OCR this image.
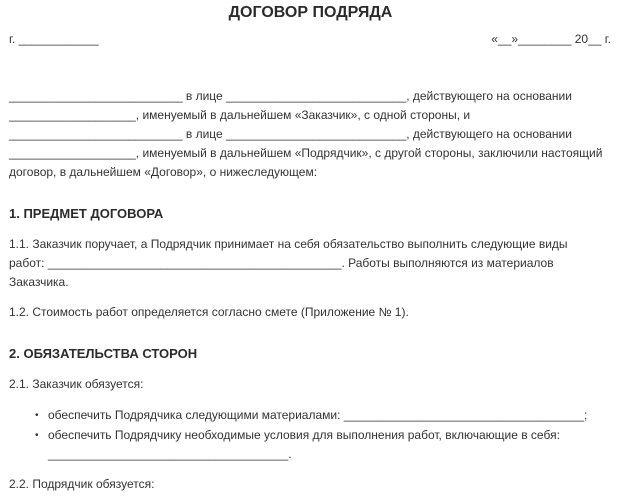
ДОГОВОР ПОДРЯДА
г. ____________	«__»________ 20__ г.
__________________________ в лице ___________________________, действующего на основании
___________________, именуемый в дальнейшем «Заказчик», с одной стороны, и
__________________________ в лице ___________________________, действующего на основании
___________________, именуемый в дальнейшем «Подрядчик», с другой стороны, заключили настоящий
договор, в дальнейшем «Договор», о нижеследующем:
1. ПРЕДМЕТ ДОГОВОРА
1.1. Заказчик поручает, а Подрядчик принимает на себя обязательство выполнить следующие виды
работ: ____________________________________________. Работы выполняются из материалов
Заказчика.
1.2. Стоимость работ определяется согласно смете (Приложение № 1).
2. ОБЯЗАТЕЛЬСТВА СТОРОН
2.1. Заказчик обязуется:
• обеспечить Подрядчика следующими материалами: ____________________________________;
• обеспечить Подрядчику необходимые условия для выполнения работ, включающие в себя:
____________________________________.
2.2. Подрядчик обязуется:
